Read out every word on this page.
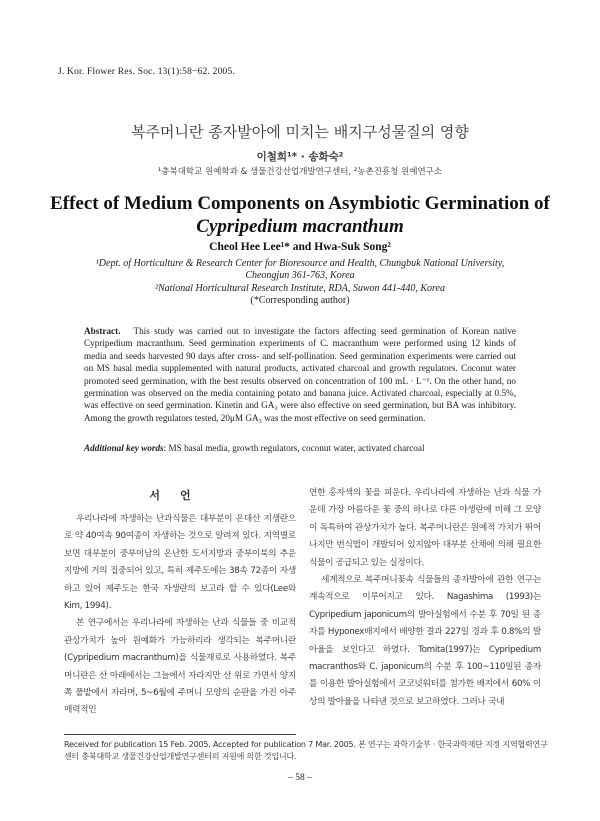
J. Kor. Flower Res. Soc. 13(1):58−62. 2005.
복주머니란 종자발아에 미치는 배지구성물질의 영향
이철희¹* · 송화숙²
¹충북대학교 원예학과 & 생물건강산업개발연구센터, ²농촌진흥청 원예연구소
Effect of Medium Components on Asymbiotic Germination of
Cypripedium macranthum
Cheol Hee Lee¹* and Hwa-Suk Song²
¹Dept. of Horticulture & Research Center for Bioresource and Health, Chungbuk National University,
Cheongjun 361-763, Korea
²National Horticultural Research Institute, RDA, Suwon 441-440, Korea
(*Corresponding author)
Abstract. This study was carried out to investigate the factors affecting seed germination of Korean native Cypripedium macranthum. Seed germination experiments of C. macranthum were performed using 12 kinds of media and seeds harvested 90 days after cross- and self-pollination. Seed germination experiments were carried out on MS basal media supplemented with natural products, activated charcoal and growth regulators. Coconut water promoted seed germination, with the best results observed on concentration of 100 mL · L⁻¹. On the other hand, no germination was observed on the media containing potato and banana juice. Activated charcoal, especially at 0.5%, was effective on seed germination. Kinetin and GA₃ were also effective on seed germination, but BA was inhibitory. Among the growth regulators tested, 20μM GA₃ was the most effective on seed germination.
Additional key words: MS basal media, growth regulators, coconut water, activated charcoal
서언

우리나라에 자생하는 난과식물은 대부분이 온대산 지생란으로 약 40여속 90여종이 자생하는 것으로 알려져 있다. 지역별로 보면 대부분이 중부이남의 온난한 도서지방과 중부이북의 추운지방에 거의 집중되어 있고, 특히 제주도에는 38속 72종이 자생하고 있어 제주도는 한국 자생란의 보고라 할 수 있다(Lee와 Kim, 1994).

본 연구에서는 우리나라에 자생하는 난과 식물들 중 비교적 관상가치가 높아 원예화가 가능하리라 생각되는 복주머니란(Cypripedium macranthum)을 식물재료로 사용하였다. 복주머니란은 산 아래에서는 그늘에서 자라지만 산 위로 가면서 양지쪽 풀밭에서 자라며, 5~6월에 주머니 모양의 순판을 가진 아주 매력적인

연한 홍자색의 꽃을 피운다. 우리나라에 자생하는 난과 식물 가운데 가장 아름다운 꽃 중의 하나로 다른 야생란에 비해 그 모양이 독특하여 관상가치가 높다. 복주머니란은 원예적 가치가 뛰어나지만 번식법이 개발되어 있지않아 대부분 산채에 의해 필요한 식물이 공급되고 있는 실정이다.

세계적으로 복주머니꽃속 식물들의 종자발아에 관한 연구는 계속적으로 이루어지고 있다. Nagashima (1993)는 Cypripedium japonicum의 발아실험에서 수분 후 70일 된 종자를 Hyponex배지에서 배양한 결과 227일 경과 후 0.8%의 발아율을 보인다고 하였다. Tomita(1997)는 Cypripedium macranthos와 C. japonicum의 수분 후 100~110일된 종자를 이용한 발아실험에서 코코넛워터를 첨가한 배지에서 60% 이상의 발아율을 나타낸 것으로 보고하였다. 그러나 국내

Received for publication 15 Feb. 2005. Accepted for publication 7 Mar. 2005. 본 연구는 과학기술부 · 한국과학재단 지정 지역협력연구센터 충북대학교 생물건강산업개발연구센터의 지원에 의한 것입니다.
– 58 –
